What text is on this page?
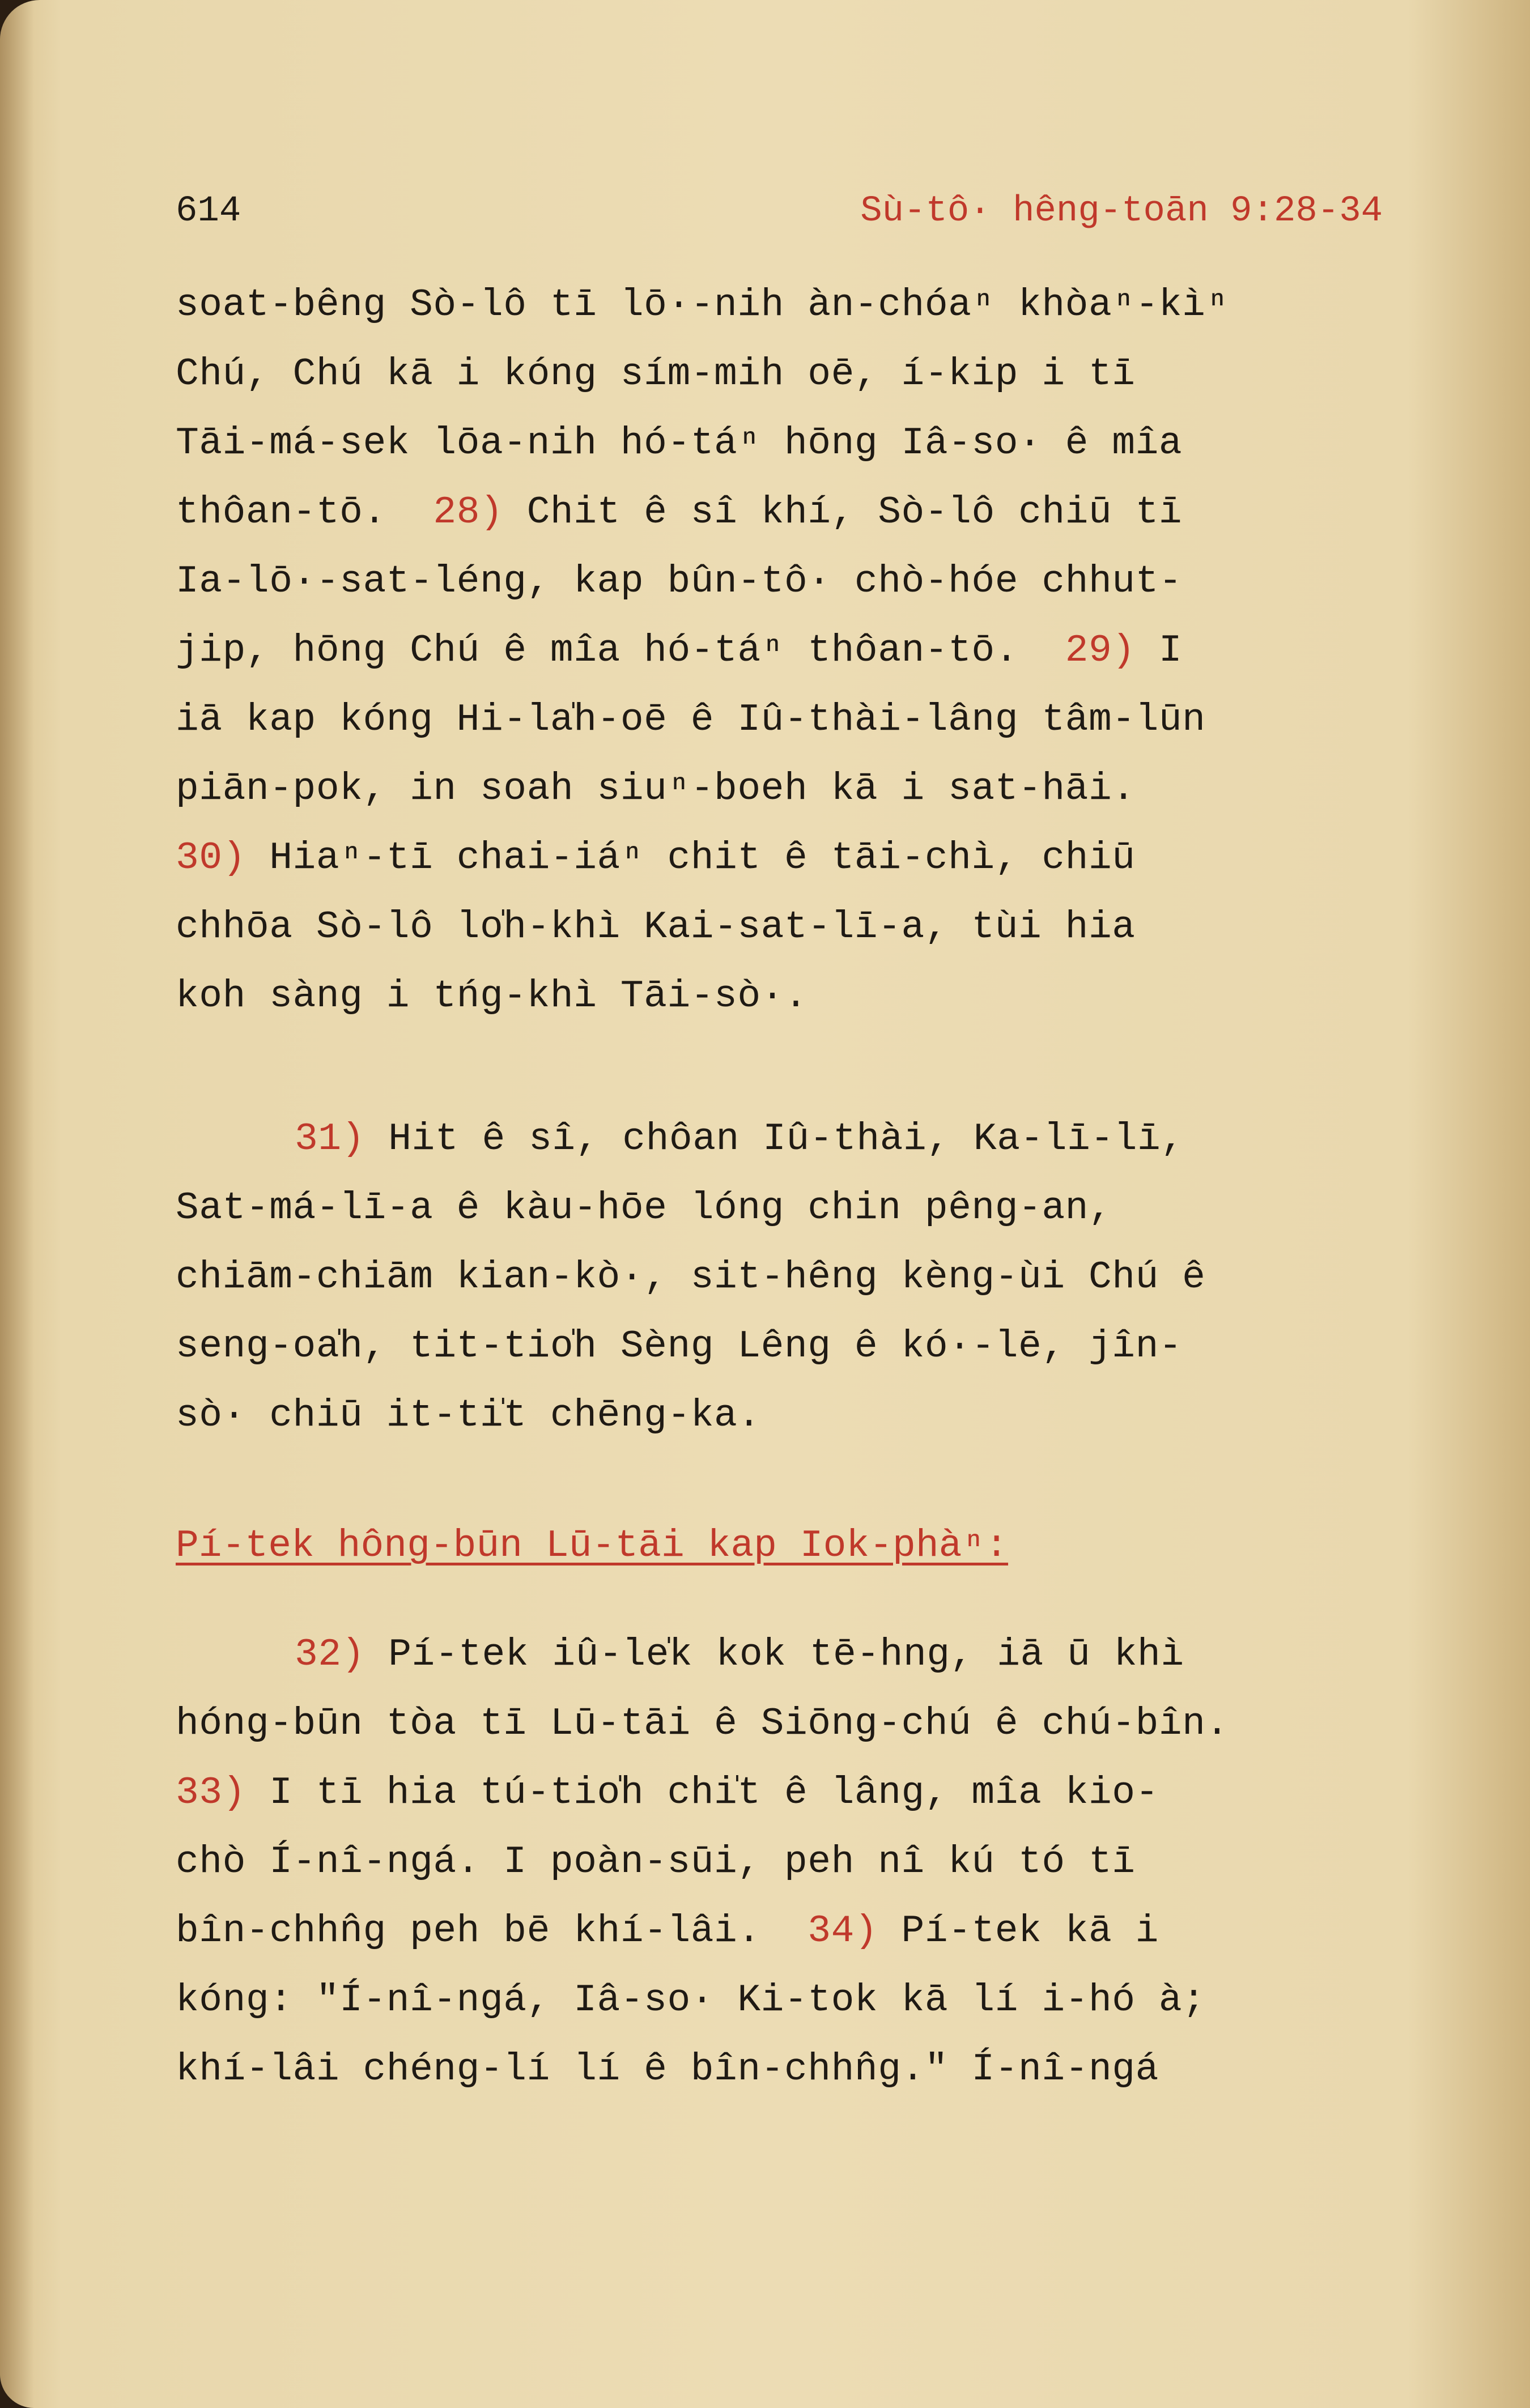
614	Sù-tô· hêng-toān 9:28-34
soat-bêng Sò-lô tī lō·-nih àn-chóaⁿ khòaⁿ-kìⁿ
Chú, Chú kā i kóng sím-mih oē, í-kip i tī
Tāi-má-sek lōa-nih hó-táⁿ hōng Iâ-so· ê mîa
thôan-tō. 28) Chit ê sî khí, Sò-lô chiū tī
Ia-lō·-sat-léng, kap bûn-tô· chò-hóe chhut-
jip, hōng Chú ê mîa hó-táⁿ thôan-tō. 29) I
iā kap kóng Hi-la̍h-oē ê Iû-thài-lâng tâm-lūn
piān-pok, in soah siuⁿ-boeh kā i sat-hāi.
30) Hiaⁿ-tī chai-iáⁿ chit ê tāi-chì, chiū
chhōa Sò-lô lo̍h-khì Kai-sat-lī-a, tùi hia
koh sàng i tńg-khì Tāi-sò·.
31) Hit ê sî, chôan Iû-thài, Ka-lī-lī,
Sat-má-lī-a ê kàu-hōe lóng chin pêng-an,
chiām-chiām kian-kò·, sit-hêng kèng-ùi Chú ê
seng-oa̍h, tit-tio̍h Sèng Lêng ê kó·-lē, jîn-
sò· chiū it-ti̍t chēng-ka.
Pí-tek hông-būn Lū-tāi kap Iok-phàⁿ:
32) Pí-tek iû-le̍k kok tē-hng, iā ū khì
hóng-būn tòa tī Lū-tāi ê Siōng-chú ê chú-bîn.
33) I tī hia tú-tio̍h chi̍t ê lâng, mîa kio-
chò Í-nî-ngá. I poàn-sūi, peh nî kú tó tī
bîn-chhn̂g peh bē khí-lâi. 34) Pí-tek kā i
kóng: "Í-nî-ngá, Iâ-so· Ki-tok kā lí i-hó à;
khí-lâi chéng-lí lí ê bîn-chhn̂g." Í-nî-ngá
